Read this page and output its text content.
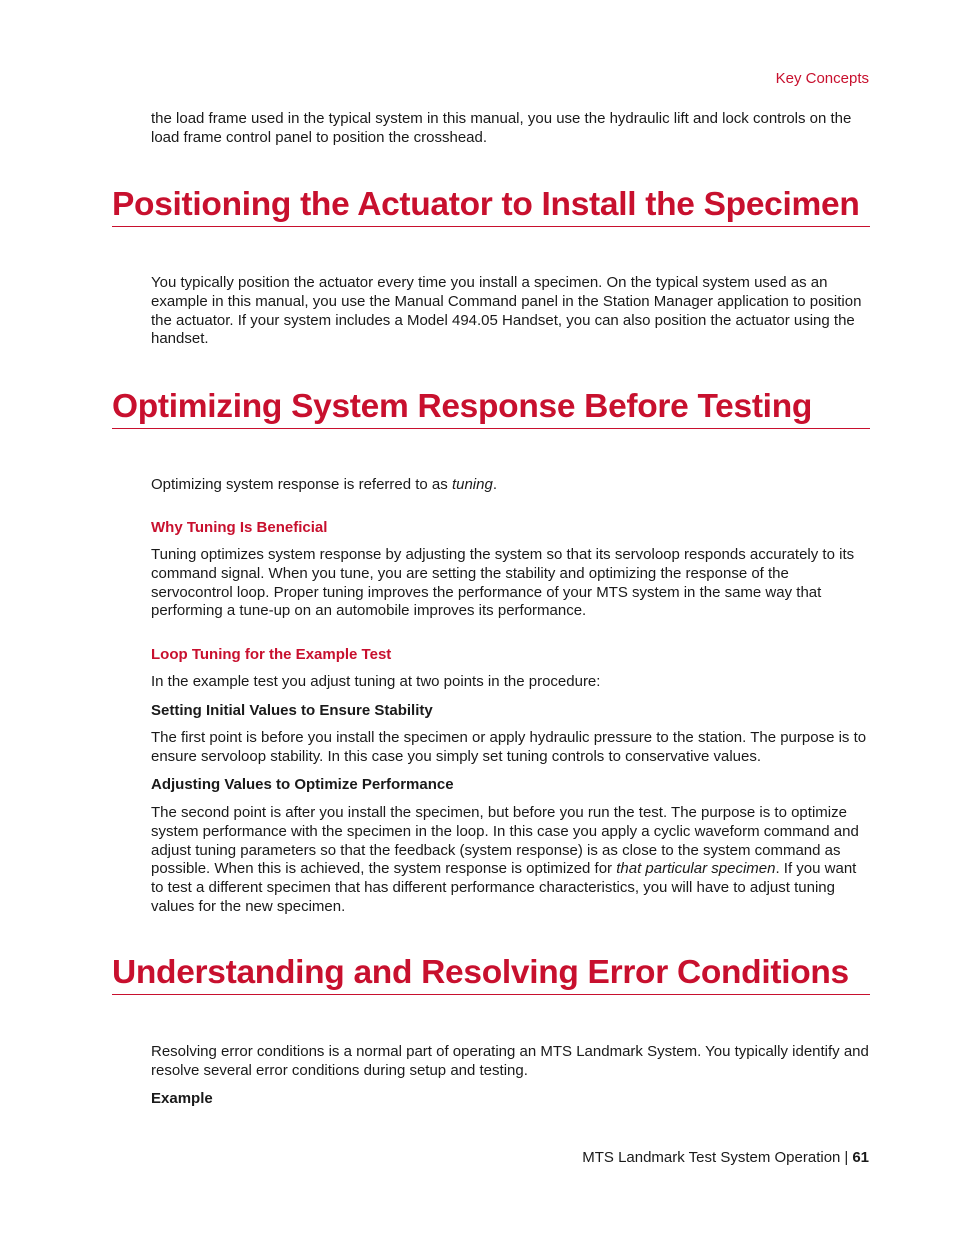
Key Concepts

the load frame used in the typical system in this manual, you use the hydraulic lift and lock controls on the load frame control panel to position the crosshead.

Positioning the Actuator to Install the Specimen

You typically position the actuator every time you install a specimen. On the typical system used as an example in this manual, you use the Manual Command panel in the Station Manager application to position the actuator. If your system includes a Model 494.05 Handset, you can also position the actuator using the handset.

Optimizing System Response Before Testing

Optimizing system response is referred to as tuning.

Why Tuning Is Beneficial

Tuning optimizes system response by adjusting the system so that its servoloop responds accurately to its command signal. When you tune, you are setting the stability and optimizing the response of the servocontrol loop. Proper tuning improves the performance of your MTS system in the same way that performing a tune-up on an automobile improves its performance.

Loop Tuning for the Example Test

In the example test you adjust tuning at two points in the procedure:

Setting Initial Values to Ensure Stability

The first point is before you install the specimen or apply hydraulic pressure to the station. The purpose is to ensure servoloop stability. In this case you simply set tuning controls to conservative values.

Adjusting Values to Optimize Performance

The second point is after you install the specimen, but before you run the test. The purpose is to optimize system performance with the specimen in the loop. In this case you apply a cyclic waveform command and adjust tuning parameters so that the feedback (system response) is as close to the system command as possible. When this is achieved, the system response is optimized for that particular specimen. If you want to test a different specimen that has different performance characteristics, you will have to adjust tuning values for the new specimen.

Understanding and Resolving Error Conditions

Resolving error conditions is a normal part of operating an MTS Landmark System. You typically identify and resolve several error conditions during setup and testing.

Example
MTS Landmark Test System Operation | 61
